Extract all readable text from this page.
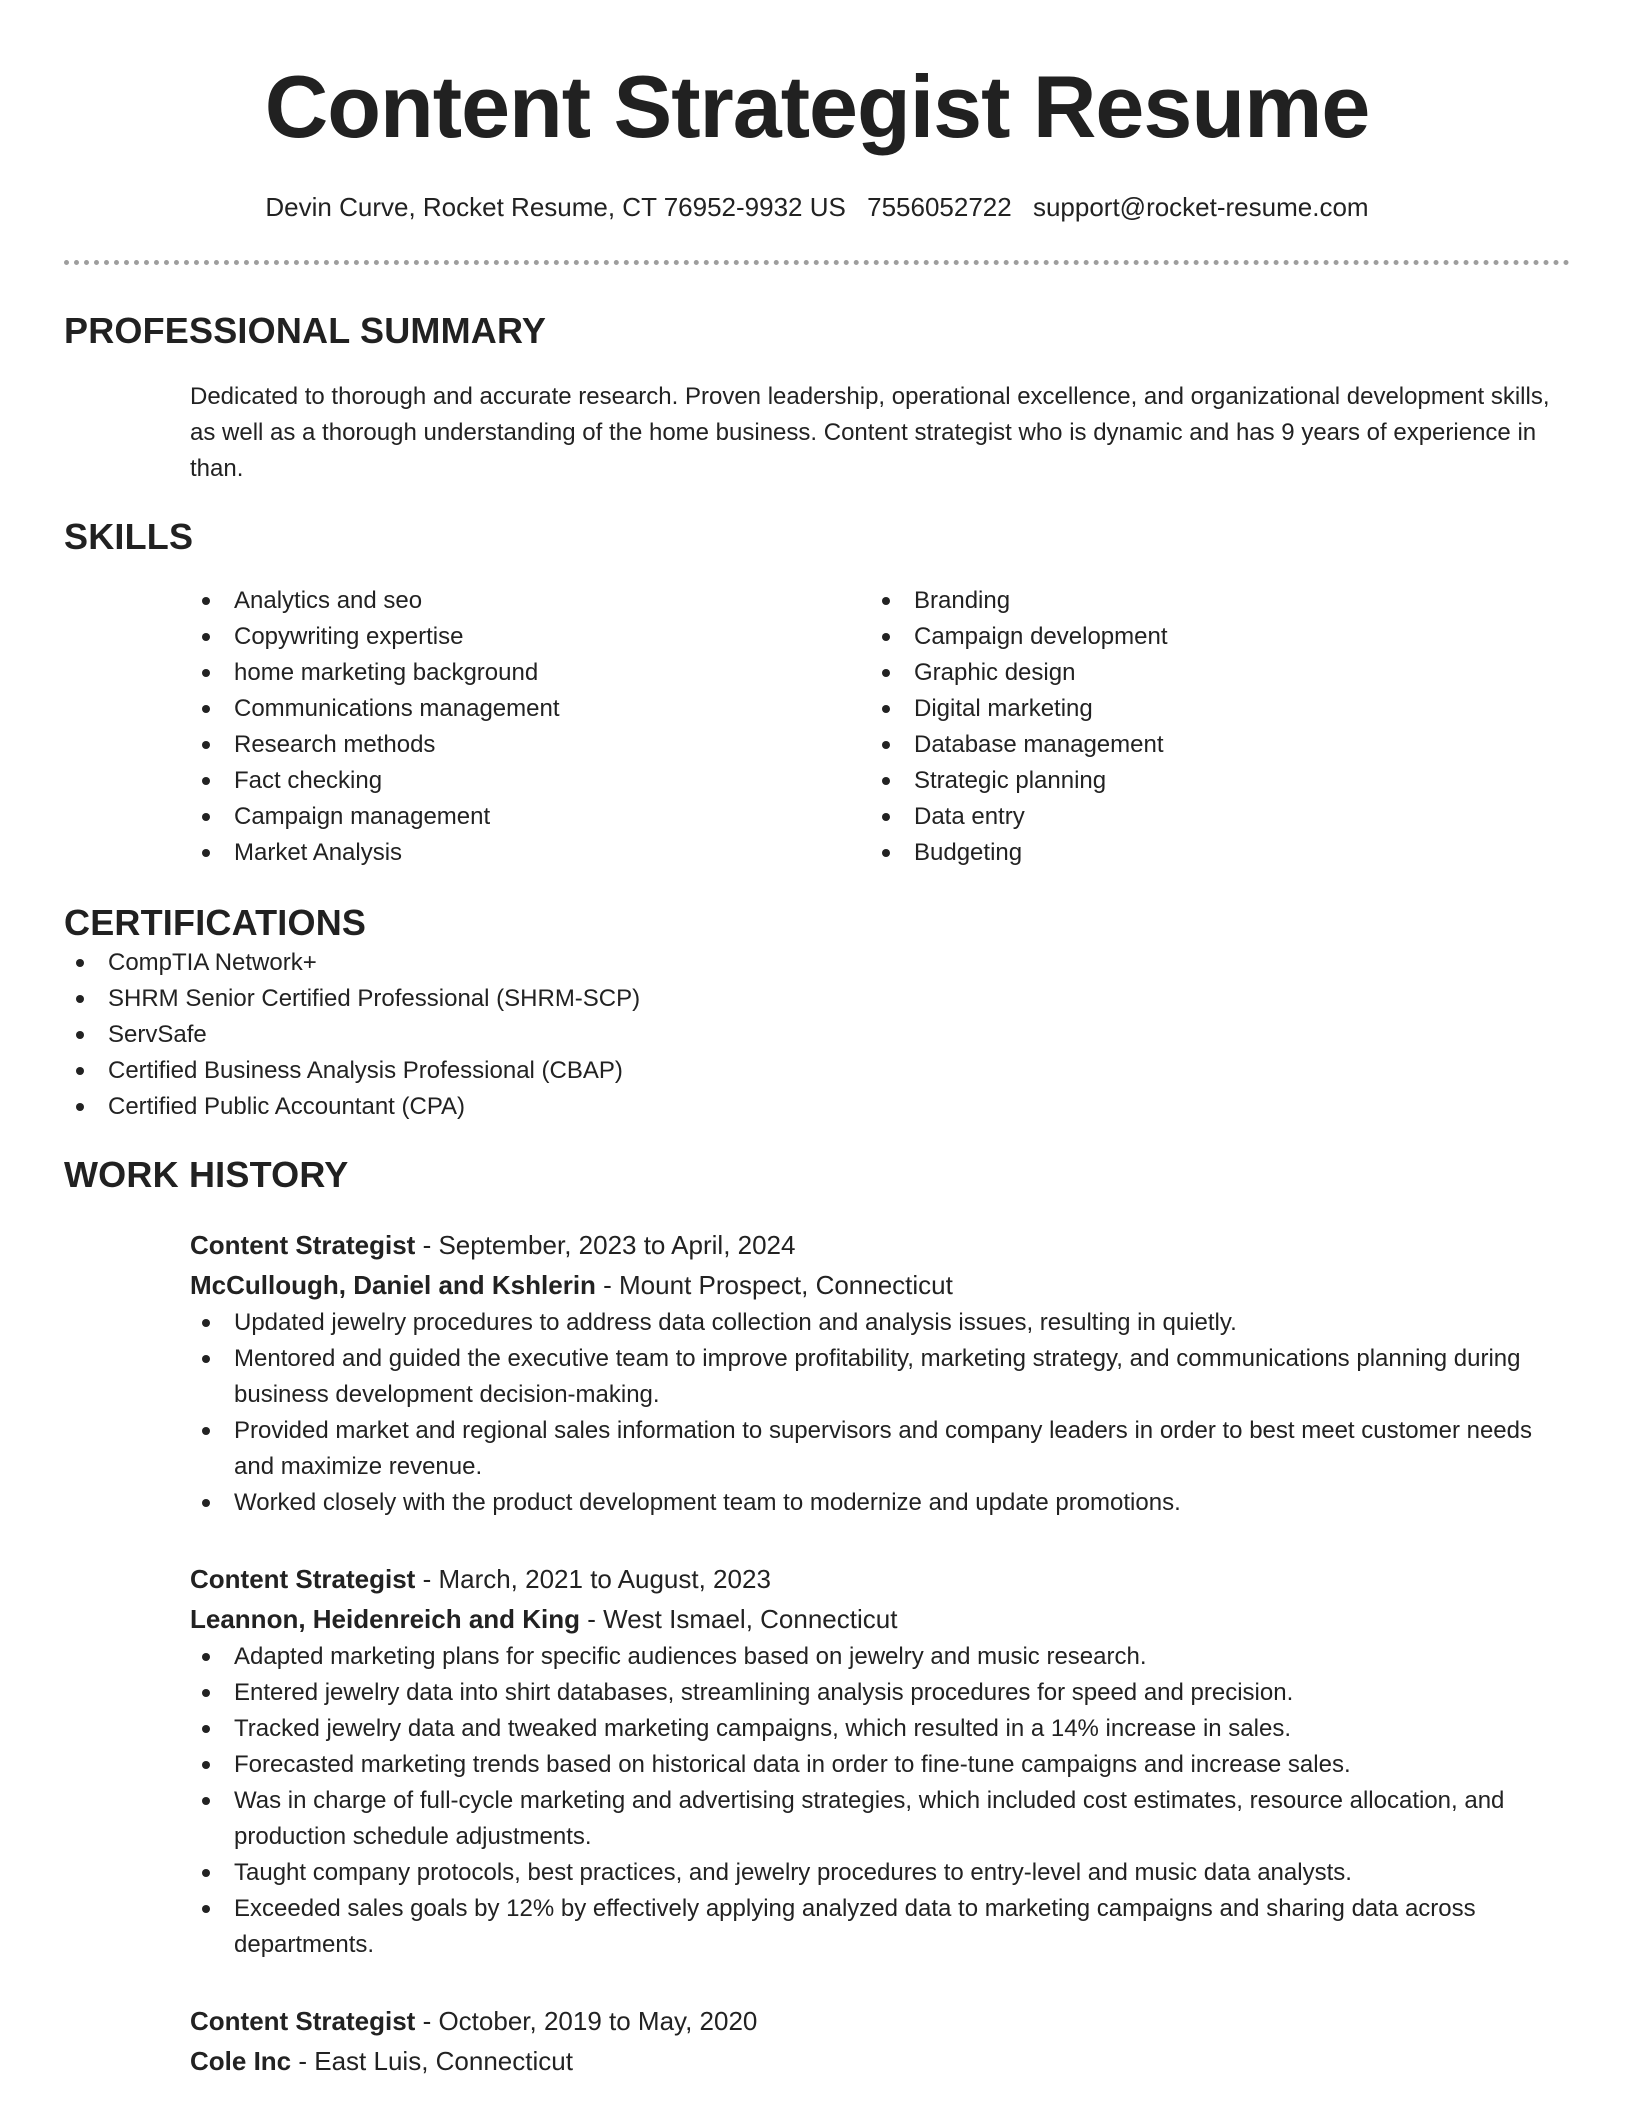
Content Strategist Resume
Devin Curve, Rocket Resume, CT 76952-9932 US 7556052722 support@rocket-resume.com
PROFESSIONAL SUMMARY

Dedicated to thorough and accurate research. Proven leadership, operational excellence, and organizational development skills, as well as a thorough understanding of the home business. Content strategist who is dynamic and has 9 years of experience in than.

SKILLS
Analytics and seo
Copywriting expertise
home marketing background
Communications management
Research methods
Fact checking
Campaign management
Market Analysis
Branding
Campaign development
Graphic design
Digital marketing
Database management
Strategic planning
Data entry
Budgeting
CERTIFICATIONS
CompTIA Network+
SHRM Senior Certified Professional (SHRM-SCP)
ServSafe
Certified Business Analysis Professional (CBAP)
Certified Public Accountant (CPA)
WORK HISTORY
Content Strategist - September, 2023 to April, 2024
McCullough, Daniel and Kshlerin - Mount Prospect, Connecticut
Updated jewelry procedures to address data collection and analysis issues, resulting in quietly.
Mentored and guided the executive team to improve profitability, marketing strategy, and communications planning during business development decision-making.
Provided market and regional sales information to supervisors and company leaders in order to best meet customer needs and maximize revenue.
Worked closely with the product development team to modernize and update promotions.
Content Strategist - March, 2021 to August, 2023
Leannon, Heidenreich and King - West Ismael, Connecticut
Adapted marketing plans for specific audiences based on jewelry and music research.
Entered jewelry data into shirt databases, streamlining analysis procedures for speed and precision.
Tracked jewelry data and tweaked marketing campaigns, which resulted in a 14% increase in sales.
Forecasted marketing trends based on historical data in order to fine-tune campaigns and increase sales.
Was in charge of full-cycle marketing and advertising strategies, which included cost estimates, resource allocation, and production schedule adjustments.
Taught company protocols, best practices, and jewelry procedures to entry-level and music data analysts.
Exceeded sales goals by 12% by effectively applying analyzed data to marketing campaigns and sharing data across departments.
Content Strategist - October, 2019 to May, 2020
Cole Inc - East Luis, Connecticut
